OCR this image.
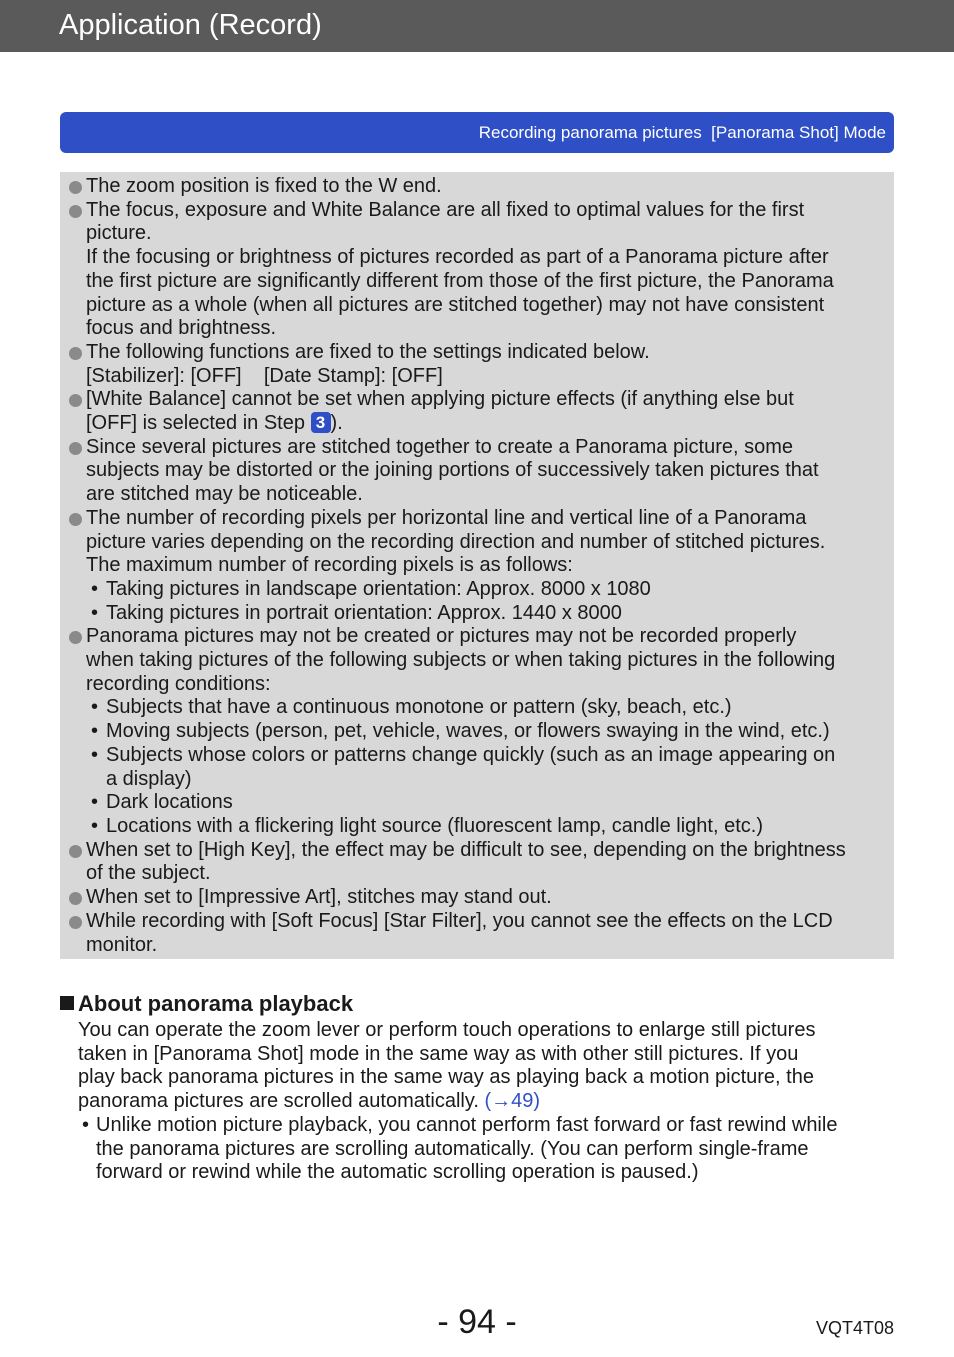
Application (Record)
Recording panorama pictures  [Panorama Shot] Mode
The zoom position is fixed to the W end.
The focus, exposure and White Balance are all fixed to optimal values for the first
picture.
If the focusing or brightness of pictures recorded as part of a Panorama picture after
the first picture are significantly different from those of the first picture, the Panorama
picture as a whole (when all pictures are stitched together) may not have consistent
focus and brightness.
The following functions are fixed to the settings indicated below.
[Stabilizer]: [OFF]    [Date Stamp]: [OFF]
[White Balance] cannot be set when applying picture effects (if anything else but
[OFF] is selected in Step 3 ).
Since several pictures are stitched together to create a Panorama picture, some
subjects may be distorted or the joining portions of successively taken pictures that
are stitched may be noticeable.
The number of recording pixels per horizontal line and vertical line of a Panorama
picture varies depending on the recording direction and number of stitched pictures.
The maximum number of recording pixels is as follows:
• Taking pictures in landscape orientation: Approx. 8000 x 1080
• Taking pictures in portrait orientation: Approx. 1440 x 8000
Panorama pictures may not be created or pictures may not be recorded properly
when taking pictures of the following subjects or when taking pictures in the following
recording conditions:
• Subjects that have a continuous monotone or pattern (sky, beach, etc.)
• Moving subjects (person, pet, vehicle, waves, or flowers swaying in the wind, etc.)
• Subjects whose colors or patterns change quickly (such as an image appearing on
a display)
• Dark locations
• Locations with a flickering light source (fluorescent lamp, candle light, etc.)
When set to [High Key], the effect may be difficult to see, depending on the brightness
of the subject.
When set to [Impressive Art], stitches may stand out.
While recording with [Soft Focus] [Star Filter], you cannot see the effects on the LCD
monitor.
About panorama playback
You can operate the zoom lever or perform touch operations to enlarge still pictures
taken in [Panorama Shot] mode in the same way as with other still pictures. If you
play back panorama pictures in the same way as playing back a motion picture, the
panorama pictures are scrolled automatically. (→49)
• Unlike motion picture playback, you cannot perform fast forward or fast rewind while
the panorama pictures are scrolling automatically. (You can perform single-frame
forward or rewind while the automatic scrolling operation is paused.)
- 94 -	VQT4T08
